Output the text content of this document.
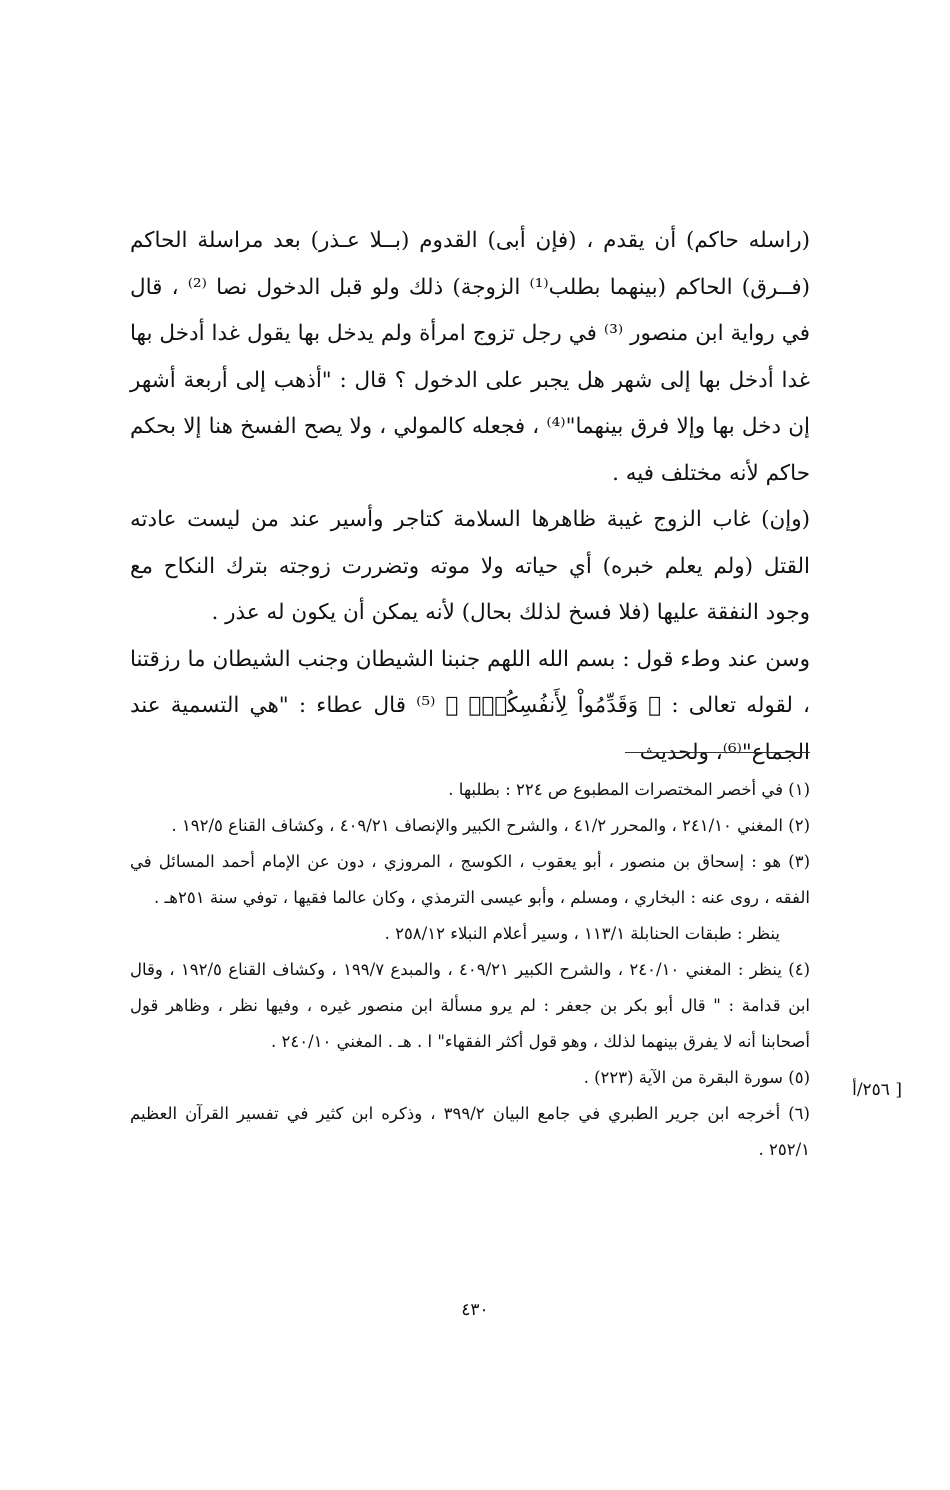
(راسله حاكم) أن يقدم ، (فإن أبى) القدوم (بــلا عـذر) بعد مراسلة الحاكم (فــرق) الحاكم (بينهما بطلب⁽¹⁾ الزوجة) ذلك ولو قبل الدخول نصا ⁽²⁾ ، قال في رواية ابن منصور ⁽³⁾ في رجل تزوج امرأة ولم يدخل بها يقول غدا أدخل بها غدا أدخل بها إلى شهر هل يجبر على الدخول ؟ قال : "أذهب إلى أربعة أشهر إن دخل بها وإلا فرق بينهما"⁽⁴⁾ ، فجعله كالمولي ، ولا يصح الفسخ هنا إلا بحكم حاكم لأنه مختلف فيه .

(وإن) غاب الزوج غيبة ظاهرها السلامة كتاجر وأسير عند من ليست عادته القتل (ولم يعلم خبره) أي حياته ولا موته وتضررت زوجته بترك النكاح مع وجود النفقة عليها (فلا فسخ لذلك بحال) لأنه يمكن أن يكون له عذر .

وسن عند وطء قول : بسم الله اللهم جنبنا الشيطان وجنب الشيطان ما رزقتنا ، لقوله تعالى : ﴿ وَقَدِّمُواْ لِأَنفُسِكُمۡۚ ﴾ ⁽⁵⁾ قال عطاء : "هي التسمية عند الجماع"⁽⁶⁾، ولحديث

(١) في أخصر المختصرات المطبوع ص ٢٢٤ : بطلبها .

(٢) المغني ٢٤١/١٠ ، والمحرر ٤١/٢ ، والشرح الكبير والإنصاف ٤٠٩/٢١ ، وكشاف القناع ١٩٢/٥ .

(٣) هو : إسحاق بن منصور ، أبو يعقوب ، الكوسج ، المروزي ، دون عن الإمام أحمد المسائل في الفقه ، روى عنه : البخاري ، ومسلم ، وأبو عيسى الترمذي ، وكان عالما فقيها ، توفي سنة ٢٥١هـ .

ينظر : طبقات الحنابلة ١١٣/١ ، وسير أعلام النبلاء ٢٥٨/١٢ .

(٤) ينظر : المغني ٢٤٠/١٠ ، والشرح الكبير ٤٠٩/٢١ ، والمبدع ١٩٩/٧ ، وكشاف القناع ١٩٢/٥ ، وقال ابن قدامة : " قال أبو بكر بن جعفر : لم يرو مسألة ابن منصور غيره ، وفيها نظر ، وظاهر قول أصحابنا أنه لا يفرق بينهما لذلك ، وهو قول أكثر الفقهاء" ا . هـ . المغني ٢٤٠/١٠ .

(٥) سورة البقرة من الآية (٢٢٣) .

(٦) أخرجه ابن جرير الطبري في جامع البيان ٣٩٩/٢ ، وذكره ابن كثير في تفسير القرآن العظيم ٢٥٢/١ .

[ ٢٥٦/أ
٤٣٠
